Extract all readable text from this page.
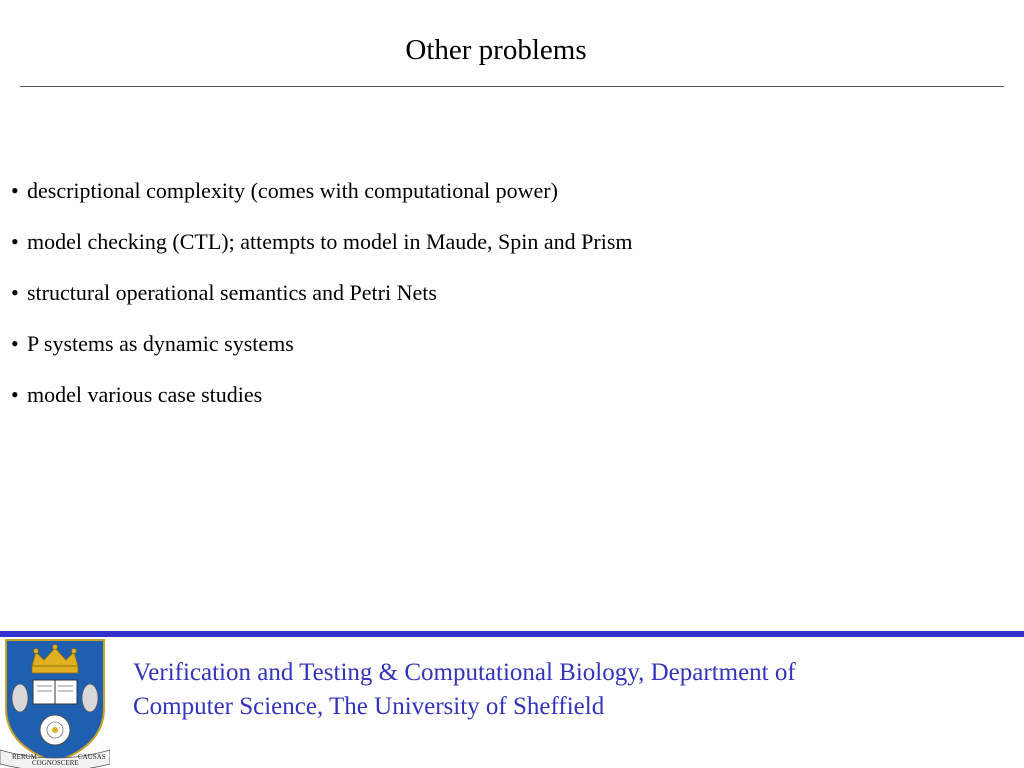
Other problems
• descriptional complexity (comes with computational power)
• model checking (CTL); attempts to model in Maude, Spin and Prism
• structural operational semantics and Petri Nets
• P systems as dynamic systems
• model various case studies
RERUM
COGNOSCERE
CAUSAS
Verification and Testing & Computational Biology, Department of
Computer Science, The University of Sheffield
